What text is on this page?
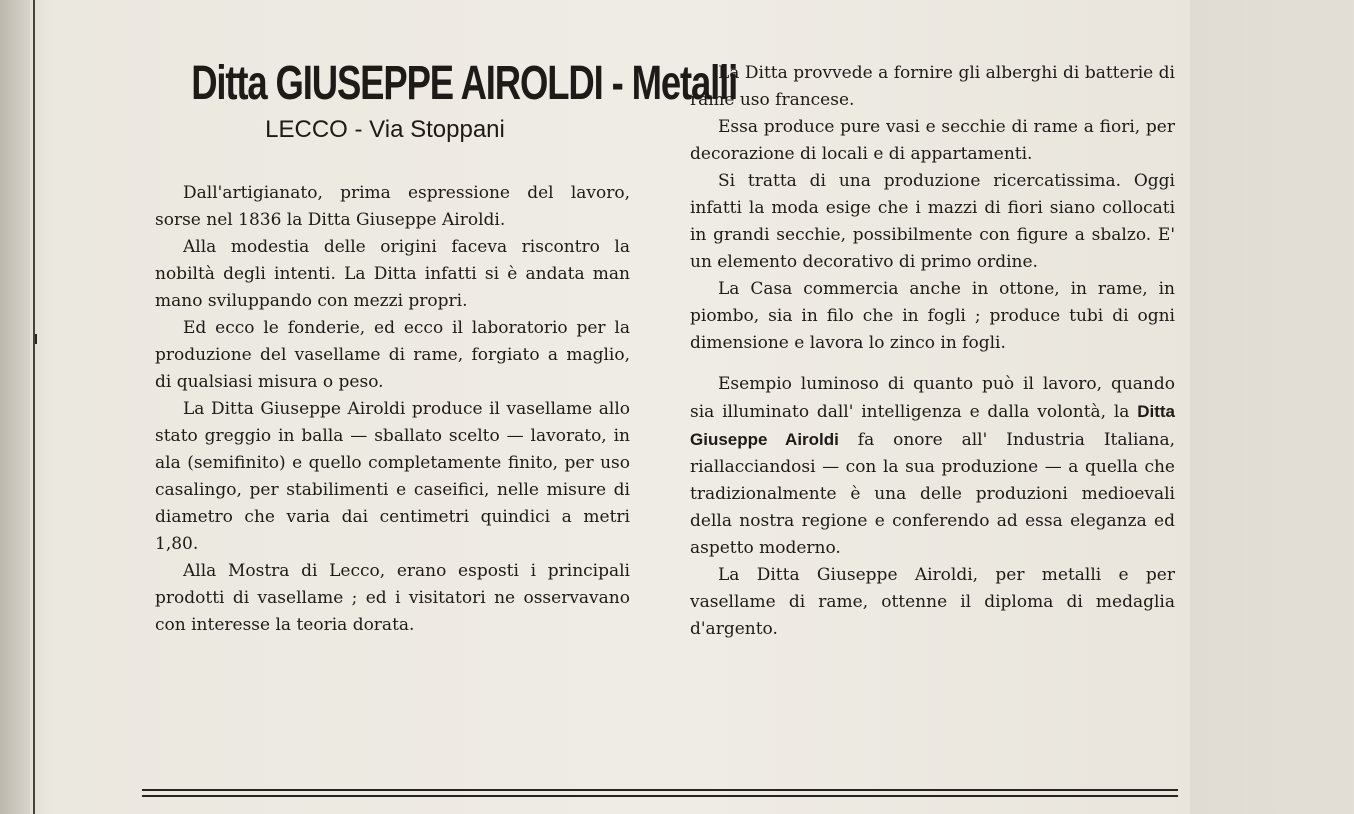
Ditta GIUSEPPE AIROLDI - Metalli
LECCO - Via Stoppani

Dall'artigianato, prima espressione del lavoro, sorse nel 1836 la Ditta Giuseppe Airoldi.

Alla modestia delle origini faceva riscontro la nobiltà degli intenti. La Ditta infatti si è andata man mano sviluppando con mezzi propri.

Ed ecco le fonderie, ed ecco il laboratorio per la produzione del vasellame di rame, forgiato a maglio, di qualsiasi misura o peso.

La Ditta Giuseppe Airoldi produce il vasellame allo stato greggio in balla — sballato scelto — lavorato, in ala (semifinito) e quello completamente finito, per uso casalingo, per stabilimenti e caseifici, nelle misure di diametro che varia dai centimetri quindici a metri 1,80.

Alla Mostra di Lecco, erano esposti i principali prodotti di vasellame ; ed i visitatori ne osservavano con interesse la teoria dorata.

La Ditta provvede a fornire gli alberghi di batterie di rame uso francese.

Essa produce pure vasi e secchie di rame a fiori, per decorazione di locali e di appartamenti.

Si tratta di una produzione ricercatissima. Oggi infatti la moda esige che i mazzi di fiori siano collocati in grandi secchie, possibilmente con figure a sbalzo. E' un elemento decorativo di primo ordine.

La Casa commercia anche in ottone, in rame, in piombo, sia in filo che in fogli ; produce tubi di ogni dimensione e lavora lo zinco in fogli.

Esempio luminoso di quanto può il lavoro, quando sia illuminato dall' intelligenza e dalla volontà, la Ditta Giuseppe Airoldi fa onore all' Industria Italiana, riallacciandosi — con la sua produzione — a quella che tradizionalmente è una delle produzioni medioevali della nostra regione e conferendo ad essa eleganza ed aspetto moderno.

La Ditta Giuseppe Airoldi, per metalli e per vasellame di rame, ottenne il diploma di medaglia d'argento.
